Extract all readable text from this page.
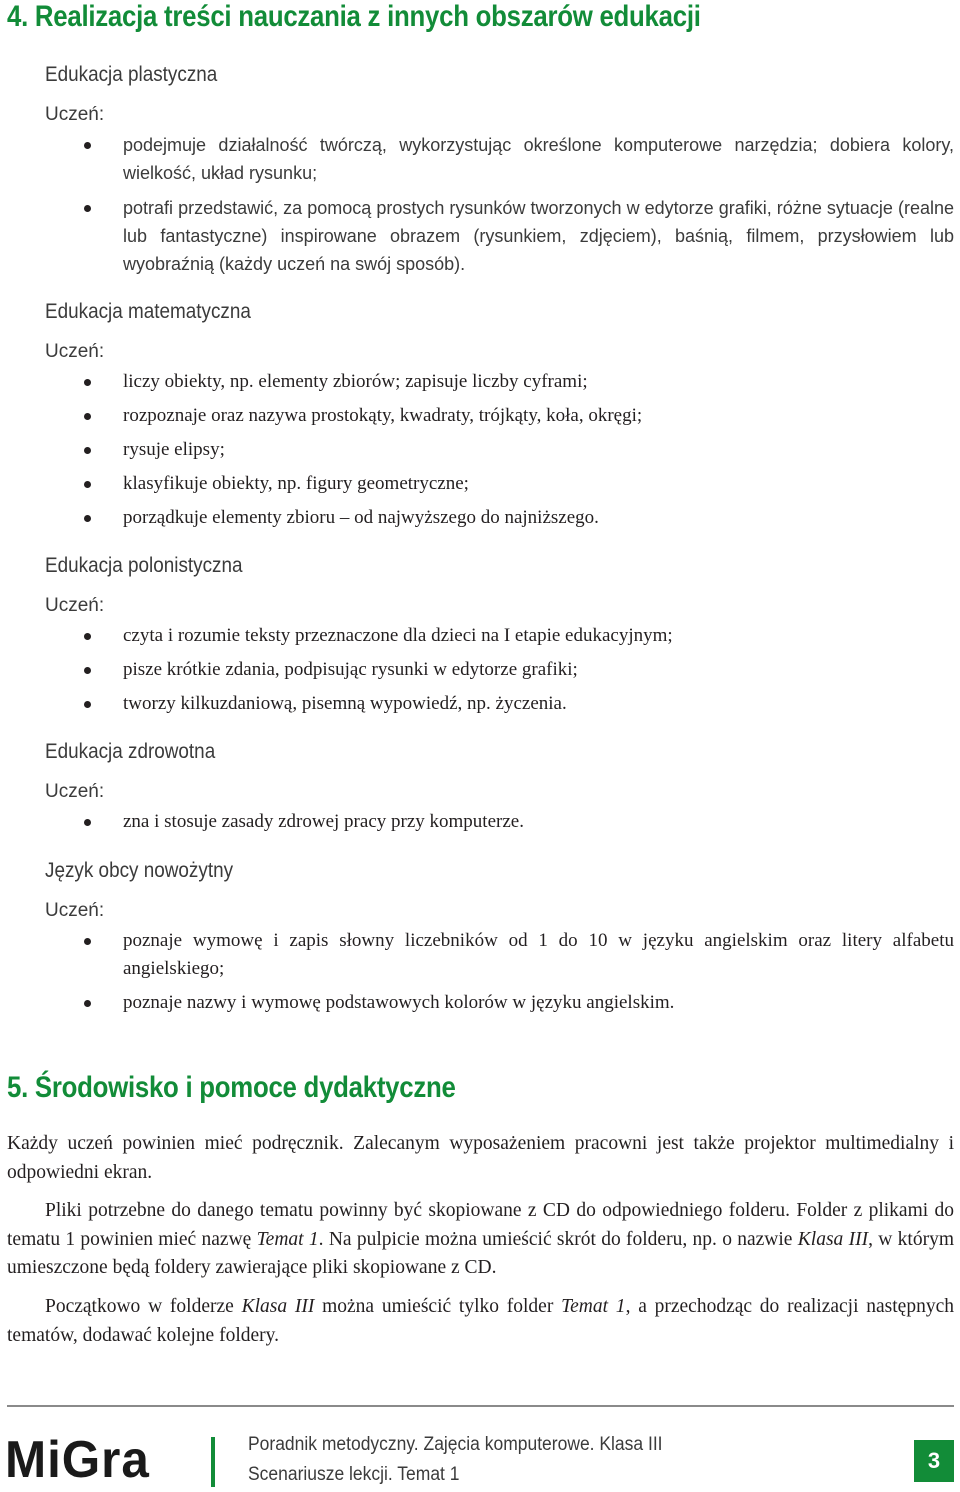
4. Realizacja treści nauczania z innych obszarów edukacji
Edukacja plastyczna
Uczeń:
podejmuje działalność twórczą, wykorzystując określone komputerowe narzędzia; dobiera kolory, wielkość, układ rysunku;
potrafi przedstawić, za pomocą prostych rysunków tworzonych w edytorze grafiki, różne sytuacje (realne lub fantastyczne) inspirowane obrazem (rysunkiem, zdjęciem), baśnią, filmem, przysłowiem lub wyobraźnią (każdy uczeń na swój sposób).
Edukacja matematyczna
Uczeń:
liczy obiekty, np. elementy zbiorów; zapisuje liczby cyframi;
rozpoznaje oraz nazywa prostokąty, kwadraty, trójkąty, koła, okręgi;
rysuje elipsy;
klasyfikuje obiekty, np. figury geometryczne;
porządkuje elementy zbioru – od najwyższego do najniższego.
Edukacja polonistyczna
Uczeń:
czyta i rozumie teksty przeznaczone dla dzieci na I etapie edukacyjnym;
pisze krótkie zdania, podpisując rysunki w edytorze grafiki;
tworzy kilkuzdaniową, pisemną wypowiedź, np. życzenia.
Edukacja zdrowotna
Uczeń:
zna i stosuje zasady zdrowej pracy przy komputerze.
Język obcy nowożytny
Uczeń:
poznaje wymowę i zapis słowny liczebników od 1 do 10 w języku angielskim oraz litery alfabetu angielskiego;
poznaje nazwy i wymowę podstawowych kolorów w języku angielskim.
5. Środowisko i pomoce dydaktyczne
Każdy uczeń powinien mieć podręcznik. Zalecanym wyposażeniem pracowni jest także projektor multimedialny i odpowiedni ekran.
Pliki potrzebne do danego tematu powinny być skopiowane z CD do odpowiedniego folderu. Folder z plikami do tematu 1 powinien mieć nazwę Temat 1. Na pulpicie można umieścić skrót do folderu, np. o nazwie Klasa III, w którym umieszczone będą foldery zawierające pliki skopiowane z CD.
Początkowo w folderze Klasa III można umieścić tylko folder Temat 1, a przechodząc do realizacji następnych tematów, dodawać kolejne foldery.
MiGra	Poradnik metodyczny. Zajęcia komputerowe. Klasa III
Scenariusze lekcji. Temat 1
3
